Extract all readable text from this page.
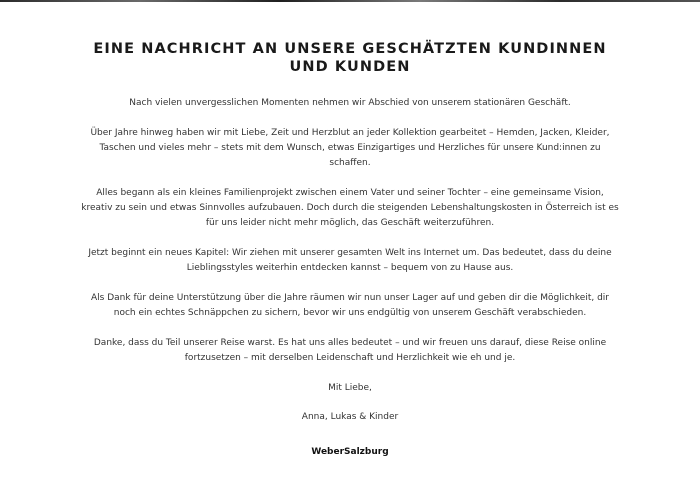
EINE NACHRICHT AN UNSERE GESCHÄTZTEN KUNDINNEN UND KUNDEN

Nach vielen unvergesslichen Momenten nehmen wir Abschied von unserem stationären Geschäft.

Über Jahre hinweg haben wir mit Liebe, Zeit und Herzblut an jeder Kollektion gearbeitet – Hemden, Jacken, Kleider, Taschen und vieles mehr – stets mit dem Wunsch, etwas Einzigartiges und Herzliches für unsere Kund:innen zu schaffen.

Alles begann als ein kleines Familienprojekt zwischen einem Vater und seiner Tochter – eine gemeinsame Vision, kreativ zu sein und etwas Sinnvolles aufzubauen. Doch durch die steigenden Lebenshaltungskosten in Österreich ist es für uns leider nicht mehr möglich, das Geschäft weiterzuführen.

Jetzt beginnt ein neues Kapitel: Wir ziehen mit unserer gesamten Welt ins Internet um. Das bedeutet, dass du deine Lieblingsstyles weiterhin entdecken kannst – bequem von zu Hause aus.

Als Dank für deine Unterstützung über die Jahre räumen wir nun unser Lager auf und geben dir die Möglichkeit, dir noch ein echtes Schnäppchen zu sichern, bevor wir uns endgültig von unserem Geschäft verabschieden.

Danke, dass du Teil unserer Reise warst. Es hat uns alles bedeutet – und wir freuen uns darauf, diese Reise online fortzusetzen – mit derselben Leidenschaft und Herzlichkeit wie eh und je.

Mit Liebe,

Anna, Lukas & Kinder

WeberSalzburg
